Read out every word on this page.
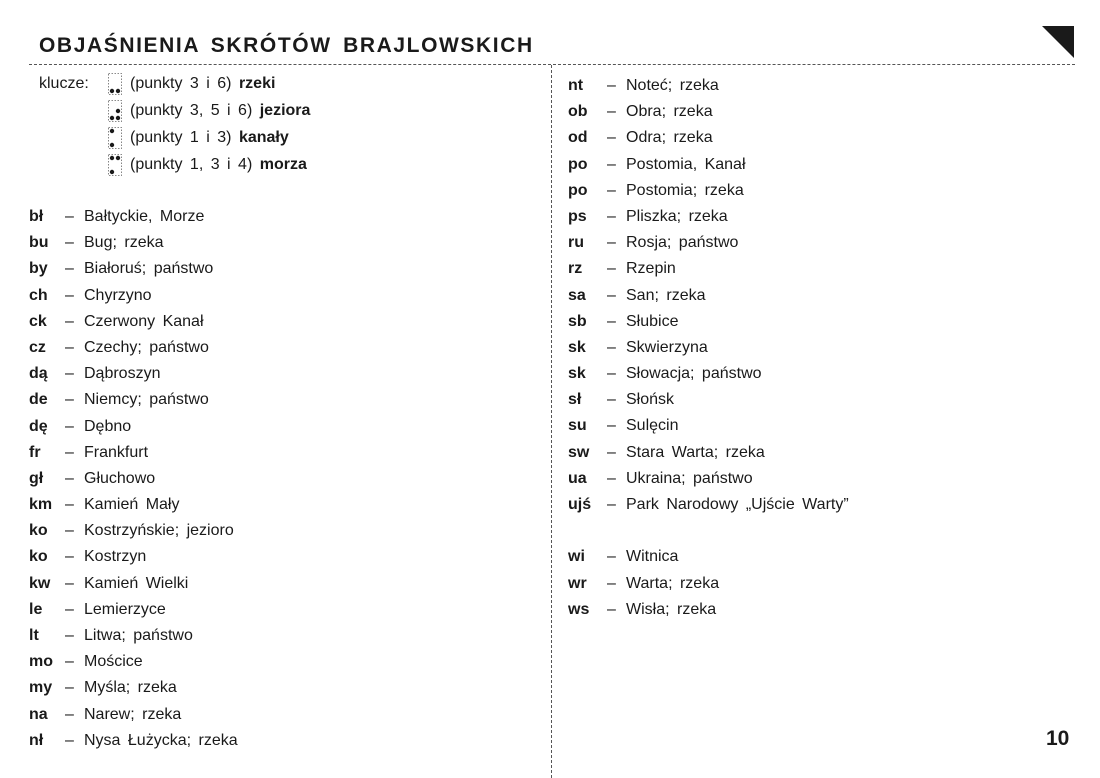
OBJAŚNIENIA SKRÓTÓW BRAJLOWSKICH
klucze:	(punkty 3 i 6) rzeki
(punkty 3, 5 i 6) jeziora
(punkty 1 i 3) kanały
(punkty 1, 3 i 4) morza
bł – Bałtyckie, Morze
bu – Bug; rzeka
by – Białoruś; państwo
ch – Chyrzyno
ck – Czerwony Kanał
cz – Czechy; państwo
dą – Dąbroszyn
de – Niemcy; państwo
dę – Dębno
fr – Frankfurt
gł – Głuchowo
km – Kamień Mały
ko – Kostrzyńskie; jezioro
ko – Kostrzyn
kw – Kamień Wielki
le – Lemierzyce
lt – Litwa; państwo
mo – Mościce
my – Myśla; rzeka
na – Narew; rzeka
nł – Nysa Łużycka; rzeka
nt – Noteć; rzeka
ob – Obra; rzeka
od – Odra; rzeka
po – Postomia, Kanał
po – Postomia; rzeka
ps – Pliszka; rzeka
ru – Rosja; państwo
rz – Rzepin
sa – San; rzeka
sb – Słubice
sk – Skwierzyna
sk – Słowacja; państwo
sł – Słońsk
su – Sulęcin
sw – Stara Warta; rzeka
ua – Ukraina; państwo
ujś – Park Narodowy „Ujście Warty”
wi – Witnica
wr – Warta; rzeka
ws – Wisła; rzeka
10
